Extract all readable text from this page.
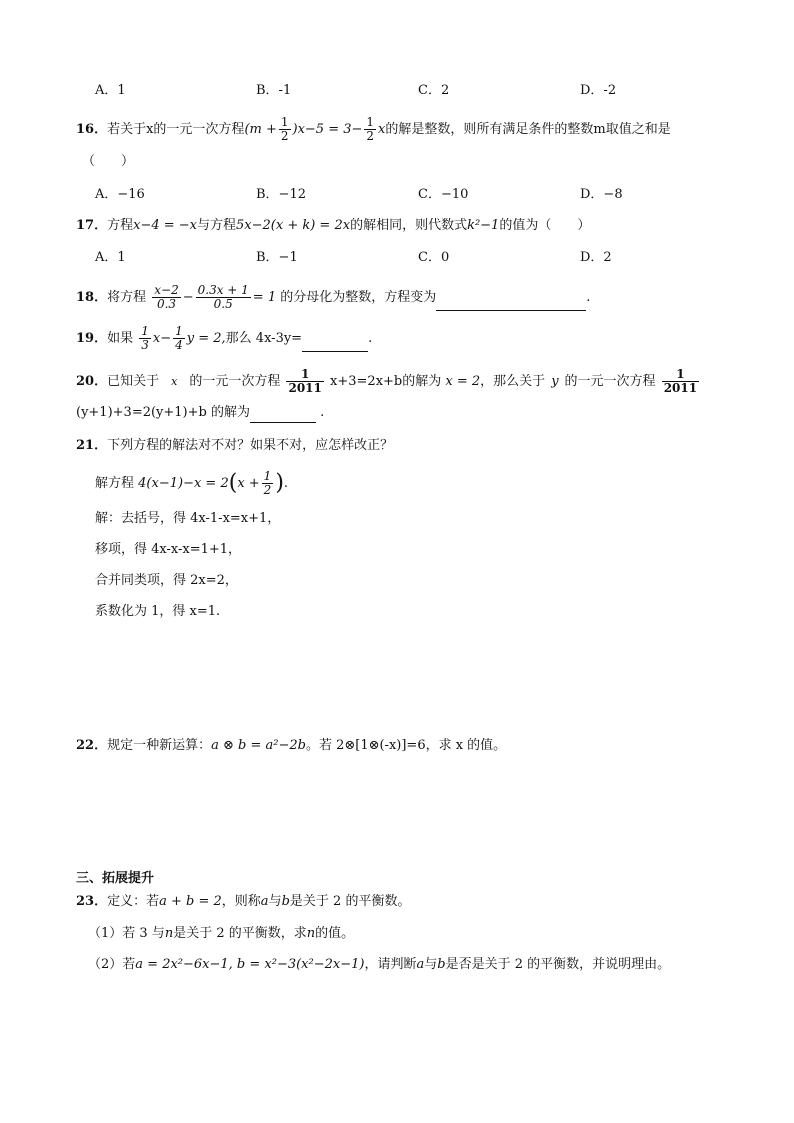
A．1	B．-1	C．2	D．-2
16．若关于x的一元一次方程$(m + \frac{1}{2} )x-5 = 3- \frac{1}{2}$ x的解是整数，则所有满足条件的整数m取值之和是
（　　）
A．−16	B．−12	C．−10	D．−8
17．方程x−4 = −x与方程5x−2(x + k) = 2x的解相同，则代数式k²−1的值为（　　）
A．1	B．−1	C．0	D．2
18．将方程 $\frac{x-2}{0.3} - \frac{0.3x + 1}{0.5} = 1$ 的分母化为整数，方程变为	.
19．如果 $\frac{1}{3} x- \frac{1}{4}$ y = 2,那么 4x-3y=	.
20．已知关于 x 的一元一次方程 $\frac{1}{2011} x+3=2x+b$的解为 x = 2，那么关于 y 的一元一次方程 $\frac{1}{2011}$
(y+1)+3=2(y+1)+b 的解为	.
21．下列方程的解法对不对？如果不对，应怎样改正？
解方程 $4(x-1)-x = 2(x + \frac{1}{2}$ ).
解：去括号，得 4x-1-x=x+1，
移项，得 4x-x-x=1+1，
合并同类项，得 2x=2，
系数化为 1，得 x=1.
22．规定一种新运算：a ⊗ b = a²−2b。若 2⊗[1⊗(-x)]=6，求 x 的值。
三、拓展提升
23．定义：若a + b = 2，则称a与b是关于 2 的平衡数。
（1）若 3 与n是关于 2 的平衡数，求n的值。
（2）若a = 2x²−6x−1, b = x²−3(x²−2x−1)，请判断a与b是否是关于 2 的平衡数，并说明理由。
